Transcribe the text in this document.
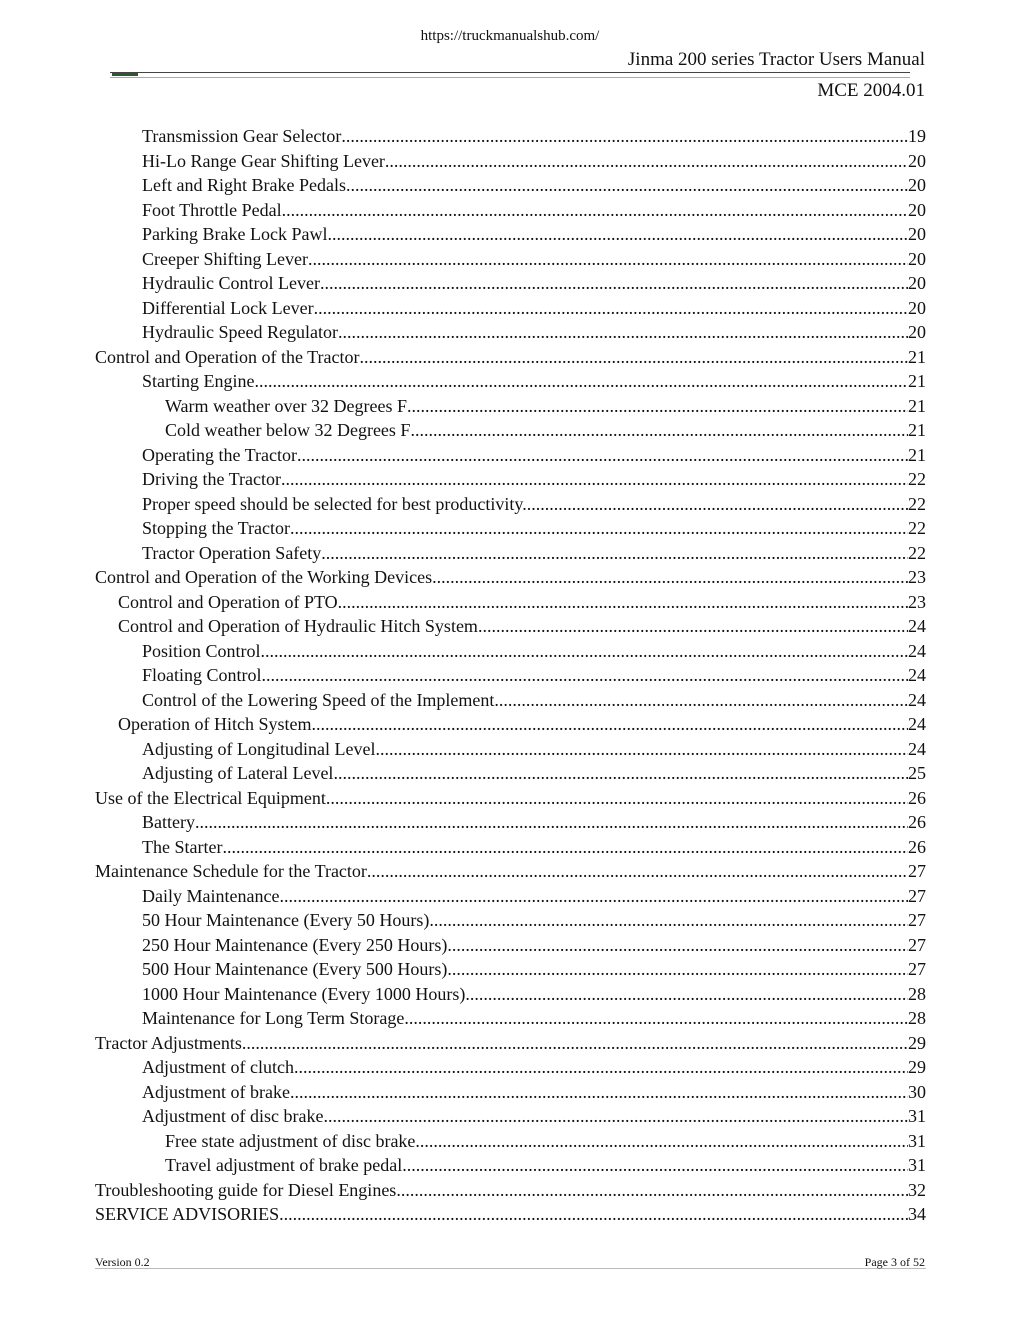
https://truckmanualshub.com/
Jinma 200 series Tractor Users Manual
MCE 2004.01
Transmission Gear Selector .....	19
Hi-Lo Range Gear Shifting Lever .....	20
Left and Right Brake Pedals .....	20
Foot Throttle Pedal .....	20
Parking Brake Lock Pawl .....	20
Creeper Shifting Lever .....	20
Hydraulic Control Lever .....	20
Differential Lock Lever .....	20
Hydraulic Speed Regulator .....	20
Control and Operation of the Tractor .....	21
Starting Engine .....	21
Warm weather over 32 Degrees F .....	21
Cold weather below 32 Degrees F .....	21
Operating the Tractor .....	21
Driving the Tractor .....	22
Proper speed should be selected for best productivity. .....	22
Stopping the Tractor .....	22
Tractor Operation Safety .....	22
Control and Operation of the Working Devices .....	23
Control and Operation of PTO .....	23
Control and Operation of Hydraulic Hitch System .....	24
Position Control .....	24
Floating Control .....	24
Control of the Lowering Speed of the Implement .....	24
Operation of Hitch System .....	24
Adjusting of Longitudinal Level .....	24
Adjusting of Lateral Level .....	25
Use of the Electrical Equipment .....	26
Battery .....	26
The Starter .....	26
Maintenance Schedule for the Tractor .....	27
Daily Maintenance .....	27
50 Hour Maintenance (Every 50 Hours) .....	27
250 Hour Maintenance (Every 250 Hours) .....	27
500 Hour Maintenance (Every 500 Hours) .....	27
1000 Hour Maintenance (Every 1000 Hours) .....	28
Maintenance for Long Term Storage .....	28
Tractor Adjustments .....	29
Adjustment of clutch .....	29
Adjustment of brake .....	30
Adjustment of disc brake .....	31
Free state adjustment of disc brake .....	31
Travel adjustment of brake pedal .....	31
Troubleshooting guide for Diesel Engines .....	32
SERVICE ADVISORIES .....	34
Version 0.2	Page 3 of 52
